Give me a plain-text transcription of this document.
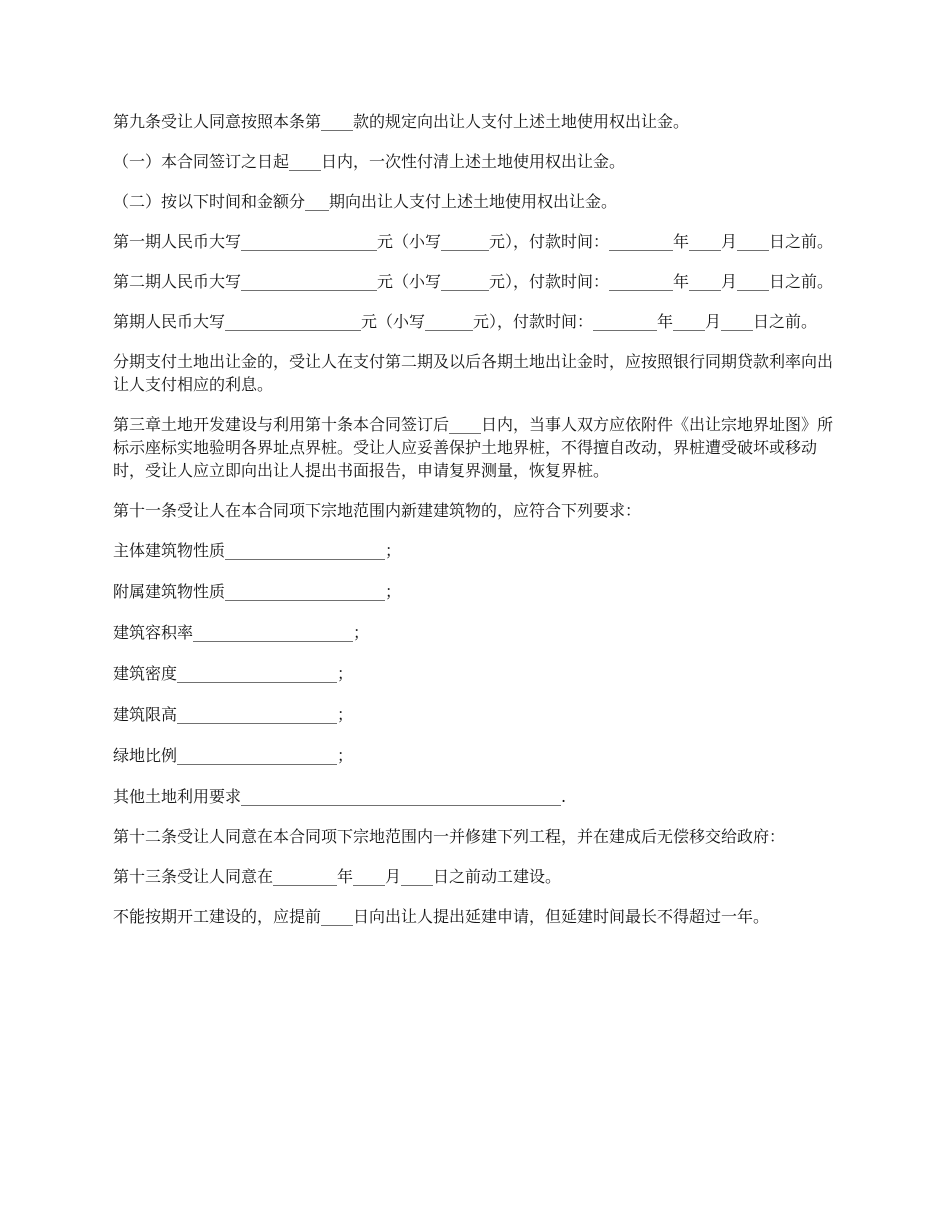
第九条受让人同意按照本条第____款的规定向出让人支付上述土地使用权出让金。

（一）本合同签订之日起____日内，一次性付清上述土地使用权出让金。

（二）按以下时间和金额分___期向出让人支付上述土地使用权出让金。

第一期人民币大写_________________元（小写______元），付款时间：________年____月____日之前。

第二期人民币大写_________________元（小写______元），付款时间：________年____月____日之前。

第期人民币大写_________________元（小写______元），付款时间：________年____月____日之前。

分期支付土地出让金的，受让人在支付第二期及以后各期土地出让金时，应按照银行同期贷款利率向出让人支付相应的利息。

第三章土地开发建设与利用第十条本合同签订后____日内，当事人双方应依附件《出让宗地界址图》所标示座标实地验明各界址点界桩。受让人应妥善保护土地界桩，不得擅自改动，界桩遭受破坏或移动时，受让人应立即向出让人提出书面报告，申请复界测量，恢复界桩。

第十一条受让人在本合同项下宗地范围内新建建筑物的，应符合下列要求：

主体建筑物性质____________________；

附属建筑物性质____________________；

建筑容积率____________________；

建筑密度____________________；

建筑限高____________________；

绿地比例____________________；

其他土地利用要求________________________________________.

第十二条受让人同意在本合同项下宗地范围内一并修建下列工程，并在建成后无偿移交给政府：

第十三条受让人同意在________年____月____日之前动工建设。

不能按期开工建设的，应提前____日向出让人提出延建申请，但延建时间最长不得超过一年。
